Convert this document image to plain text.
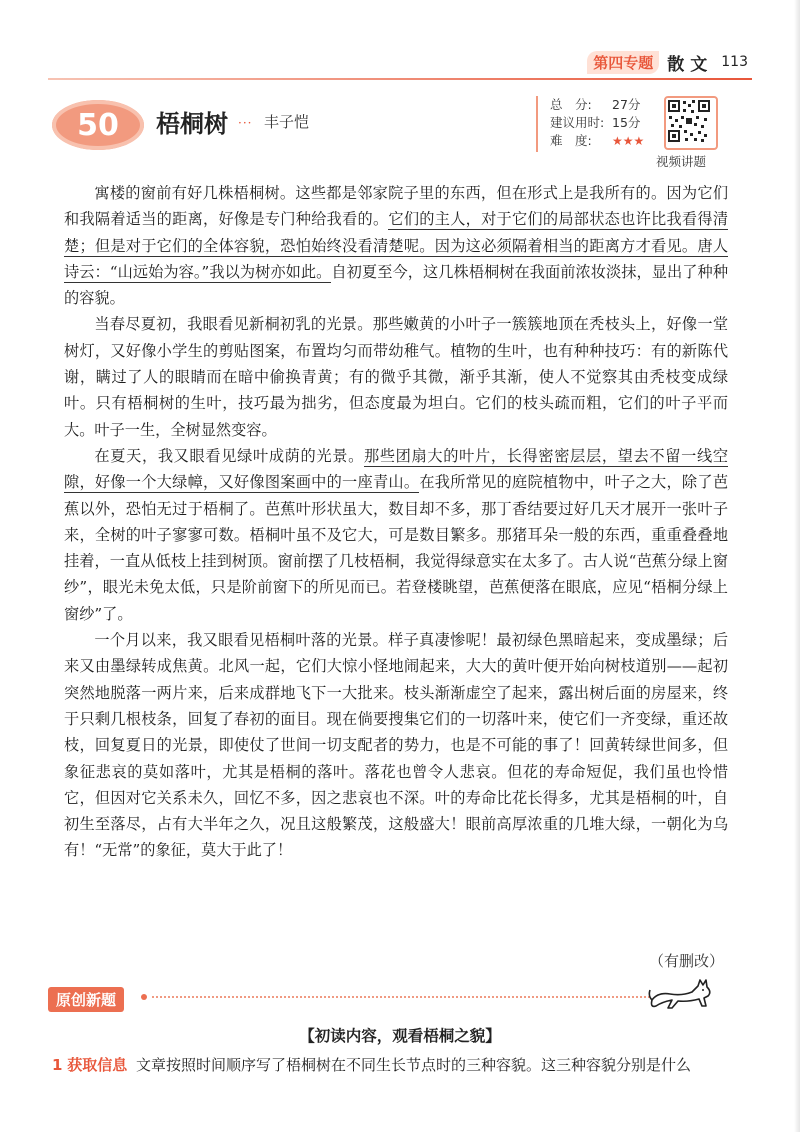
第四专题 散文 113
50 梧桐树 ··· 丰子恺
总　分:	27分
建议用时: 15分
难　度:	★★★
视频讲题

寓楼的窗前有好几株梧桐树。这些都是邻家院子里的东西，但在形式上是我所有的。因为它们和我隔着适当的距离，好像是专门种给我看的。它们的主人，对于它们的局部状态也许比我看得清楚；但是对于它们的全体容貌，恐怕始终没看清楚呢。因为这必须隔着相当的距离方才看见。唐人诗云：“山远始为容。”我以为树亦如此。自初夏至今，这几株梧桐树在我面前浓妆淡抹，显出了种种的容貌。

当春尽夏初，我眼看见新桐初乳的光景。那些嫩黄的小叶子一簇簇地顶在秃枝头上，好像一堂树灯，又好像小学生的剪贴图案，布置均匀而带幼稚气。植物的生叶，也有种种技巧：有的新陈代谢，瞒过了人的眼睛而在暗中偷换青黄；有的微乎其微，渐乎其渐，使人不觉察其由秃枝变成绿叶。只有梧桐树的生叶，技巧最为拙劣，但态度最为坦白。它们的枝头疏而粗，它们的叶子平而大。叶子一生，全树显然变容。

在夏天，我又眼看见绿叶成荫的光景。那些团扇大的叶片，长得密密层层，望去不留一线空隙，好像一个大绿幛，又好像图案画中的一座青山。在我所常见的庭院植物中，叶子之大，除了芭蕉以外，恐怕无过于梧桐了。芭蕉叶形状虽大，数目却不多，那丁香结要过好几天才展开一张叶子来，全树的叶子寥寥可数。梧桐叶虽不及它大，可是数目繁多。那猪耳朵一般的东西，重重叠叠地挂着，一直从低枝上挂到树顶。窗前摆了几枝梧桐，我觉得绿意实在太多了。古人说“芭蕉分绿上窗纱”，眼光未免太低，只是阶前窗下的所见而已。若登楼眺望，芭蕉便落在眼底，应见“梧桐分绿上窗纱”了。

一个月以来，我又眼看见梧桐叶落的光景。样子真凄惨呢！最初绿色黑暗起来，变成墨绿；后来又由墨绿转成焦黄。北风一起，它们大惊小怪地闹起来，大大的黄叶便开始向树枝道别——起初突然地脱落一两片来，后来成群地飞下一大批来。枝头渐渐虚空了起来，露出树后面的房屋来，终于只剩几根枝条，回复了春初的面目。现在倘要搜集它们的一切落叶来，使它们一齐变绿，重还故枝，回复夏日的光景，即使仗了世间一切支配者的势力，也是不可能的事了！回黄转绿世间多，但象征悲哀的莫如落叶，尤其是梧桐的落叶。落花也曾令人悲哀。但花的寿命短促，我们虽也怜惜它，但因对它关系未久，回忆不多，因之悲哀也不深。叶的寿命比花长得多，尤其是梧桐的叶，自初生至落尽，占有大半年之久，况且这般繁茂，这般盛大！眼前高厚浓重的几堆大绿，一朝化为乌有！“无常”的象征，莫大于此了！

（有删改）
原创新题
【初读内容，观看梧桐之貌】
1 获取信息 文章按照时间顺序写了梧桐树在不同生长节点时的三种容貌。这三种容貌分别是什么
